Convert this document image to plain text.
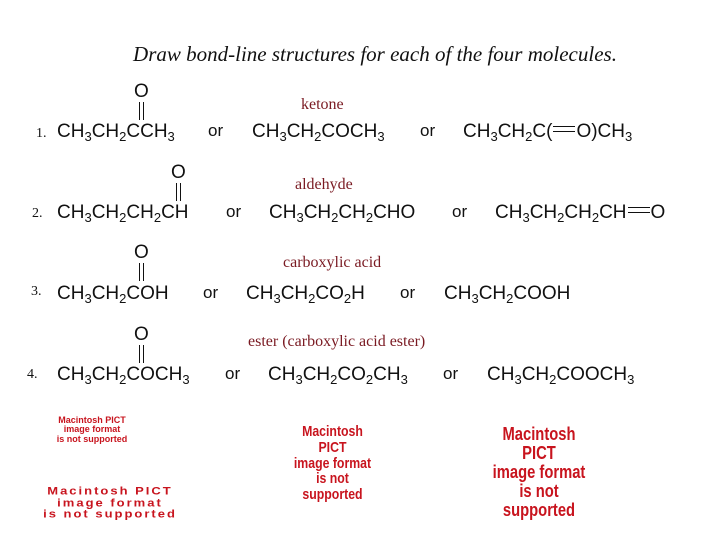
Draw bond-line structures for each of the four molecules.
ketone
1.
O
$CH_3CH_2CCH_3$ or $CH_3CH_2COCH_3$ or $CH_3CH_2C$( $O)CH_3$
aldehyde
2.
O
$CH_3CH_2CH_2CH$ or $CH_3CH_2CH_2CHO$ or $CH_3CH_2CH_2CH$ O
carboxylic acid
3.
O
$CH_3CH_2COH$ or $CH_3CH_2CO_2H$ or $CH_3CH_2COOH$
ester (carboxylic acid ester)
4.
O
$CH_3CH_2COCH_3$ or $CH_3CH_2CO_2CH_3$ or $CH_3CH_2COOCH_3$
Macintosh PICT
image format
is not supported
Macintosh PICT
image format
is not supported
Macintosh PICT
image format
is not supported
Macintosh PICT
image format
is not supported
